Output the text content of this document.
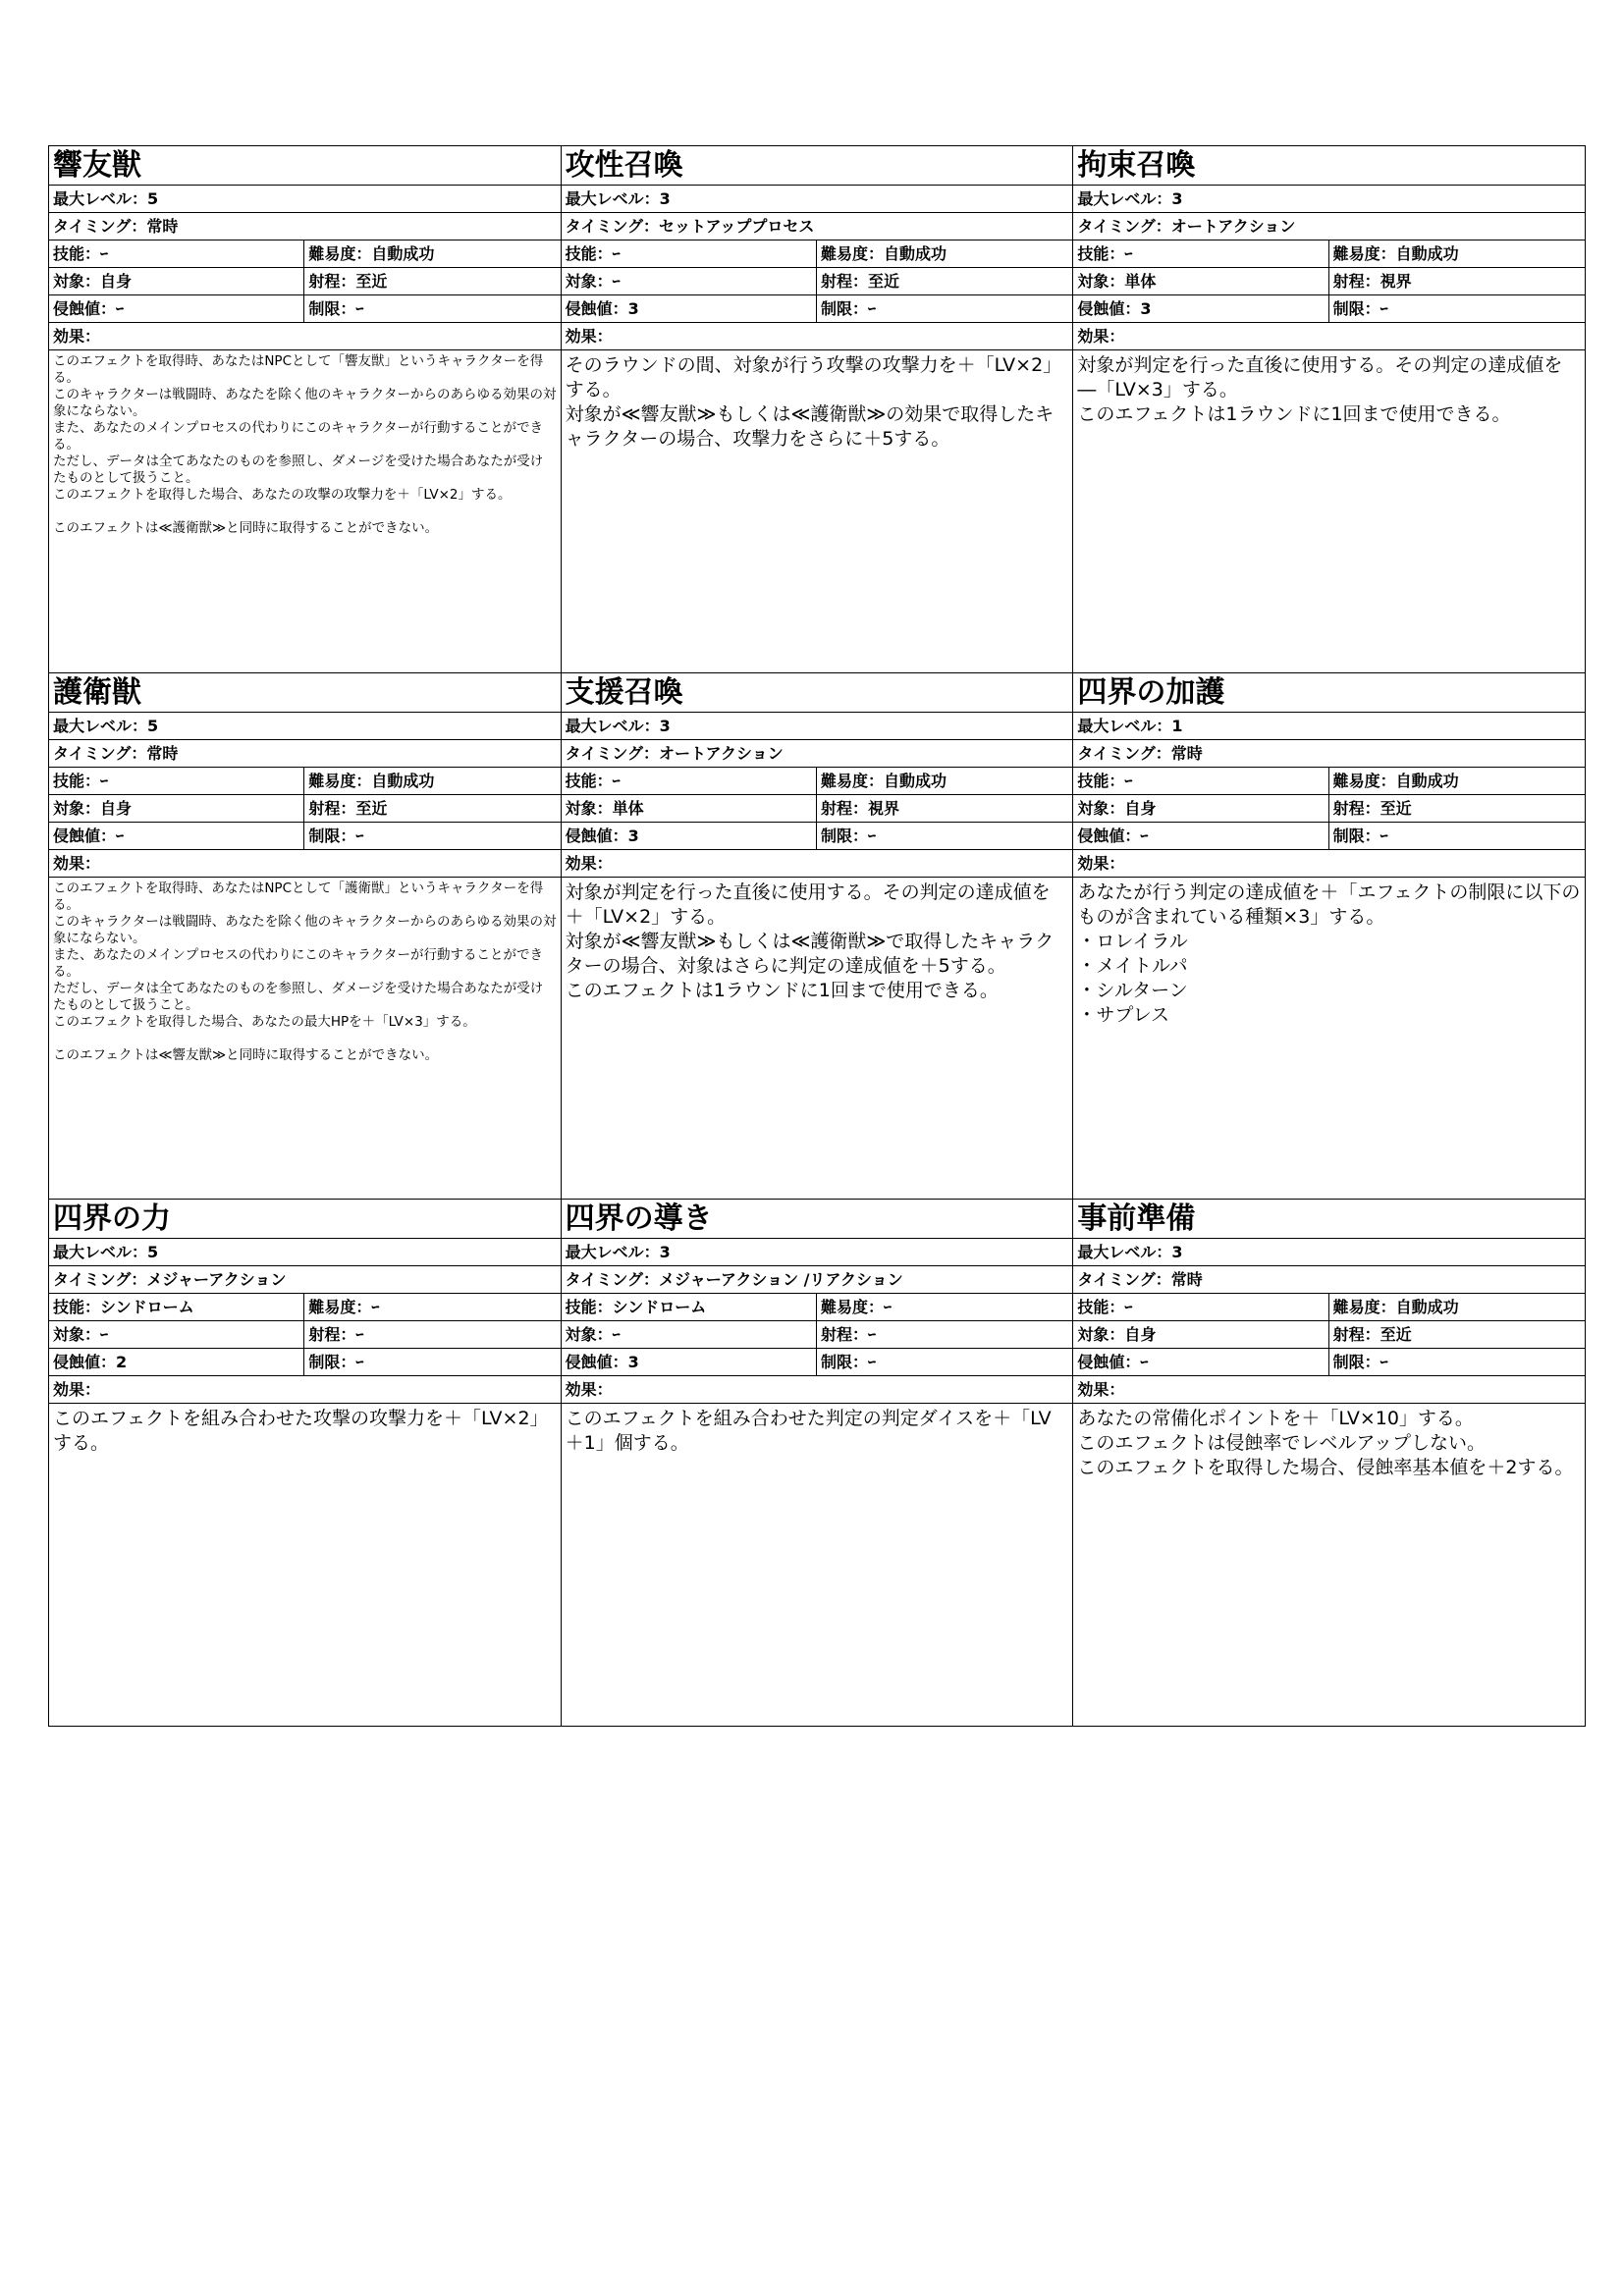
響友獣
最大レベル：5
タイミング：常時
技能：ｰ	難易度：自動成功
対象：自身	射程：至近
侵蝕値：ｰ	制限：ｰ
効果：
このエフェクトを取得時、あなたはNPCとして「響友獣」というキャラクターを得る。
このキャラクターは戦闘時、あなたを除く他のキャラクターからのあらゆる効果の対象にならない。
また、あなたのメインプロセスの代わりにこのキャラクターが行動することができる。
ただし、データは全てあなたのものを参照し、ダメージを受けた場合あなたが受けたものとして扱うこと。
このエフェクトを取得した場合、あなたの攻撃の攻撃力を＋「LV×2」する。

このエフェクトは≪護衛獣≫と同時に取得することができない。
攻性召喚
最大レベル：3
タイミング：セットアッププロセス
技能：ｰ	難易度：自動成功
対象：ｰ	射程：至近
侵蝕値：3	制限：ｰ
効果：
そのラウンドの間、対象が行う攻撃の攻撃力を＋「LV×2」する。
対象が≪響友獣≫もしくは≪護衛獣≫の効果で取得したキャラクターの場合、攻撃力をさらに＋5する。
拘束召喚
最大レベル：3
タイミング：オートアクション
技能：ｰ	難易度：自動成功
対象：単体	射程：視界
侵蝕値：3	制限：ｰ
効果：
対象が判定を行った直後に使用する。その判定の達成値を―「LV×3」する。
このエフェクトは1ラウンドに1回まで使用できる。
護衛獣
最大レベル：5
タイミング：常時
技能：ｰ	難易度：自動成功
対象：自身	射程：至近
侵蝕値：ｰ	制限：ｰ
効果：
このエフェクトを取得時、あなたはNPCとして「護衛獣」というキャラクターを得る。
このキャラクターは戦闘時、あなたを除く他のキャラクターからのあらゆる効果の対象にならない。
また、あなたのメインプロセスの代わりにこのキャラクターが行動することができる。
ただし、データは全てあなたのものを参照し、ダメージを受けた場合あなたが受けたものとして扱うこと。
このエフェクトを取得した場合、あなたの最大HPを＋「LV×3」する。

このエフェクトは≪響友獣≫と同時に取得することができない。
支援召喚
最大レベル：3
タイミング：オートアクション
技能：ｰ	難易度：自動成功
対象：単体	射程：視界
侵蝕値：3	制限：ｰ
効果：
対象が判定を行った直後に使用する。その判定の達成値を＋「LV×2」する。
対象が≪響友獣≫もしくは≪護衛獣≫で取得したキャラクターの場合、対象はさらに判定の達成値を＋5する。
このエフェクトは1ラウンドに1回まで使用できる。
四界の加護
最大レベル：1
タイミング：常時
技能：ｰ	難易度：自動成功
対象：自身	射程：至近
侵蝕値：ｰ	制限：ｰ
効果：
あなたが行う判定の達成値を＋「エフェクトの制限に以下のものが含まれている種類×3」する。
・ロレイラル
・メイトルパ
・シルターン
・サプレス
四界の力
最大レベル：5
タイミング：メジャーアクション
技能：シンドローム	難易度：ｰ
対象：ｰ	射程：ｰ
侵蝕値：2	制限：ｰ
効果：
このエフェクトを組み合わせた攻撃の攻撃力を＋「LV×2」する。
四界の導き
最大レベル：3
タイミング：メジャーアクション /リアクション
技能：シンドローム	難易度：ｰ
対象：ｰ	射程：ｰ
侵蝕値：3	制限：ｰ
効果：
このエフェクトを組み合わせた判定の判定ダイスを＋「LV＋1」個する。
事前準備
最大レベル：3
タイミング：常時
技能：ｰ	難易度：自動成功
対象：自身	射程：至近
侵蝕値：ｰ	制限：ｰ
効果：
あなたの常備化ポイントを＋「LV×10」する。
このエフェクトは侵蝕率でレベルアップしない。
このエフェクトを取得した場合、侵蝕率基本値を＋2する。
